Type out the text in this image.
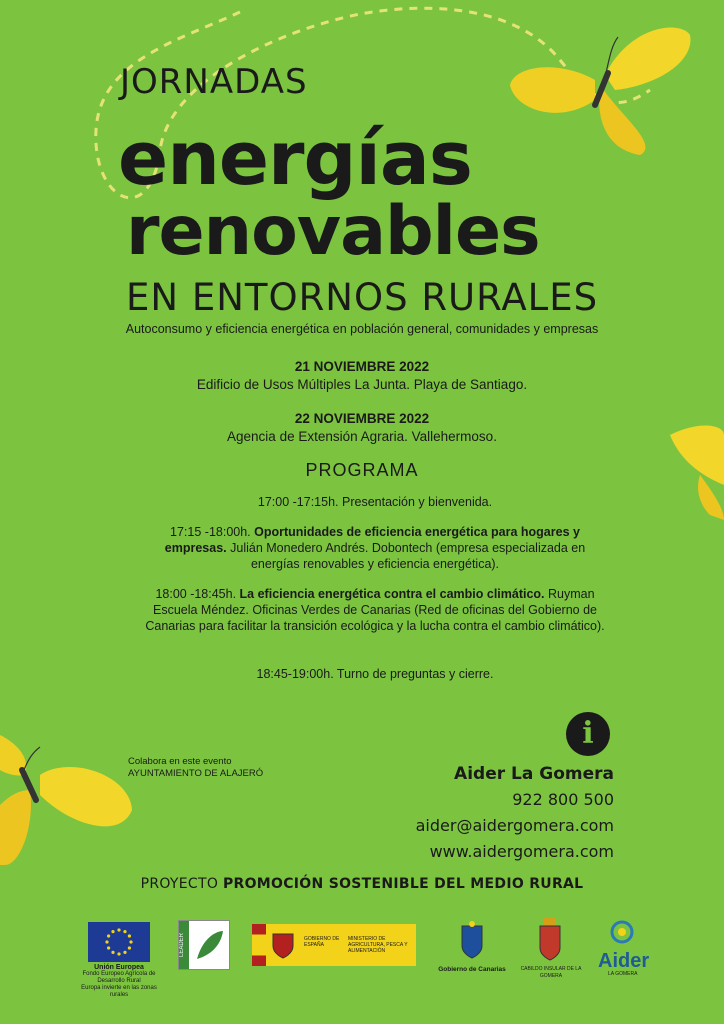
JORNADAS
energías
renovables
EN ENTORNOS RURALES
Autoconsumo y eficiencia energética en población general, comunidades y empresas
21 NOVIEMBRE 2022
Edificio de Usos Múltiples La Junta. Playa de Santiago.
22 NOVIEMBRE 2022
Agencia de Extensión Agraria. Vallehermoso.
PROGRAMA
17:00 -17:15h. Presentación y bienvenida.
17:15 -18:00h. Oportunidades de eficiencia energética para hogares y empresas. Julián Monedero Andrés. Dobontech (empresa especializada en energías renovables y eficiencia energética).
18:00 -18:45h. La eficiencia energética contra el cambio climático. Ruyman Escuela Méndez. Oficinas Verdes de Canarias (Red de oficinas del Gobierno de Canarias para facilitar la transición ecológica y la lucha contra el cambio climático).
18:45-19:00h. Turno de preguntas y cierre.
Colabora en este evento
AYUNTAMIENTO DE ALAJERÓ
i
Aider La Gomera
922 800 500
aider@aidergomera.com
www.aidergomera.com
PROYECTO PROMOCIÓN SOSTENIBLE DEL MEDIO RURAL
Unión Europea
Fondo Europeo Agrícola de Desarrollo Rural
Europa invierte en las zonas rurales
LEADER	GOBIERNO DE ESPAÑA
MINISTERIO DE AGRICULTURA, PESCA Y ALIMENTACIÓN
Gobierno de Canarias	CABILDO INSULAR DE LA GOMERA
Aider
LA GOMERA
